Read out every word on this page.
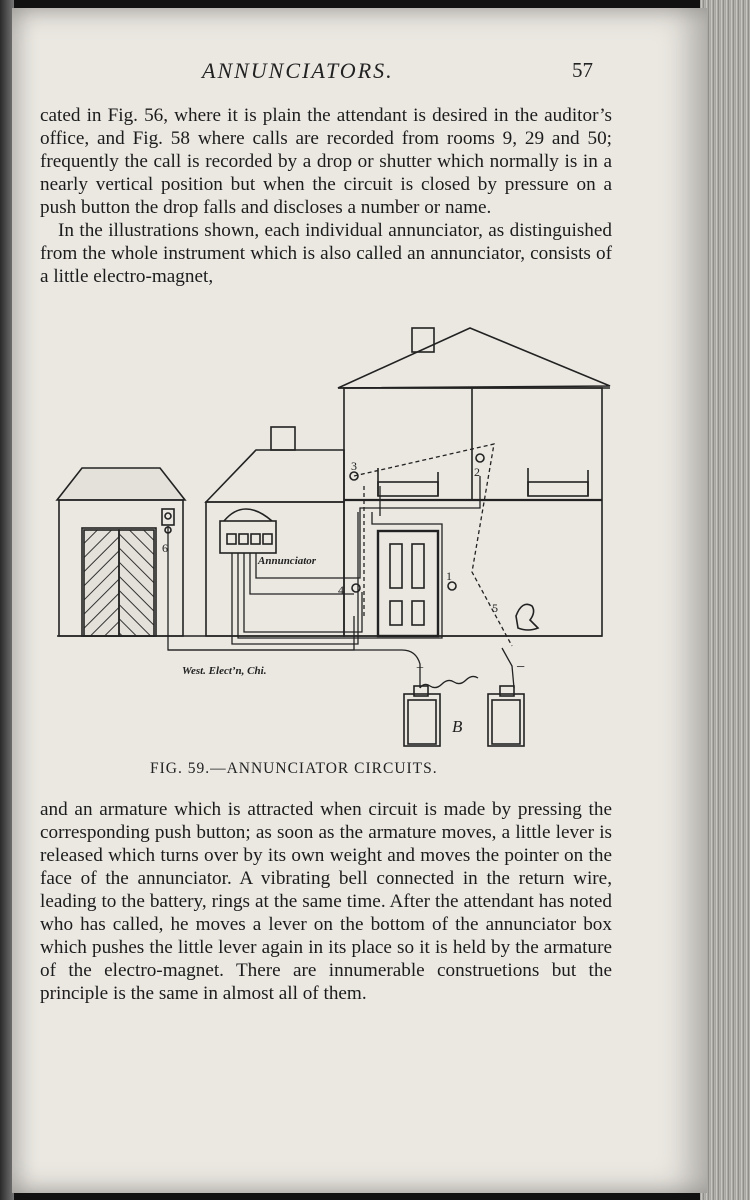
ANNUNCIATORS.	57

cated in Fig. 56, where it is plain the attendant is desired in the auditor’s office, and Fig. 58 where calls are recorded from rooms 9, 29 and 50; frequently the call is recorded by a drop or shutter which normally is in a nearly vertical position but when the circuit is closed by pressure on a push button the drop falls and discloses a number or name.

In the illustrations shown, each individual annunciator, as distinguished from the whole instrument which is also called an annunciator, consists of a little electro-magnet,

3	2
1
4
5
6
Annunciator
West. Elect’n, Chi.	+	−
B
FIG. 59.—ANNUNCIATOR CIRCUITS.

and an armature which is attracted when circuit is made by pressing the corresponding push button; as soon as the armature moves, a little lever is released which turns over by its own weight and moves the pointer on the face of the annunciator. A vibrating bell connected in the return wire, leading to the battery, rings at the same time. After the attendant has noted who has called, he moves a lever on the bottom of the annunciator box which pushes the little lever again in its place so it is held by the armature of the electro-magnet. There are innumerable construetions but the principle is the same in almost all of them.
